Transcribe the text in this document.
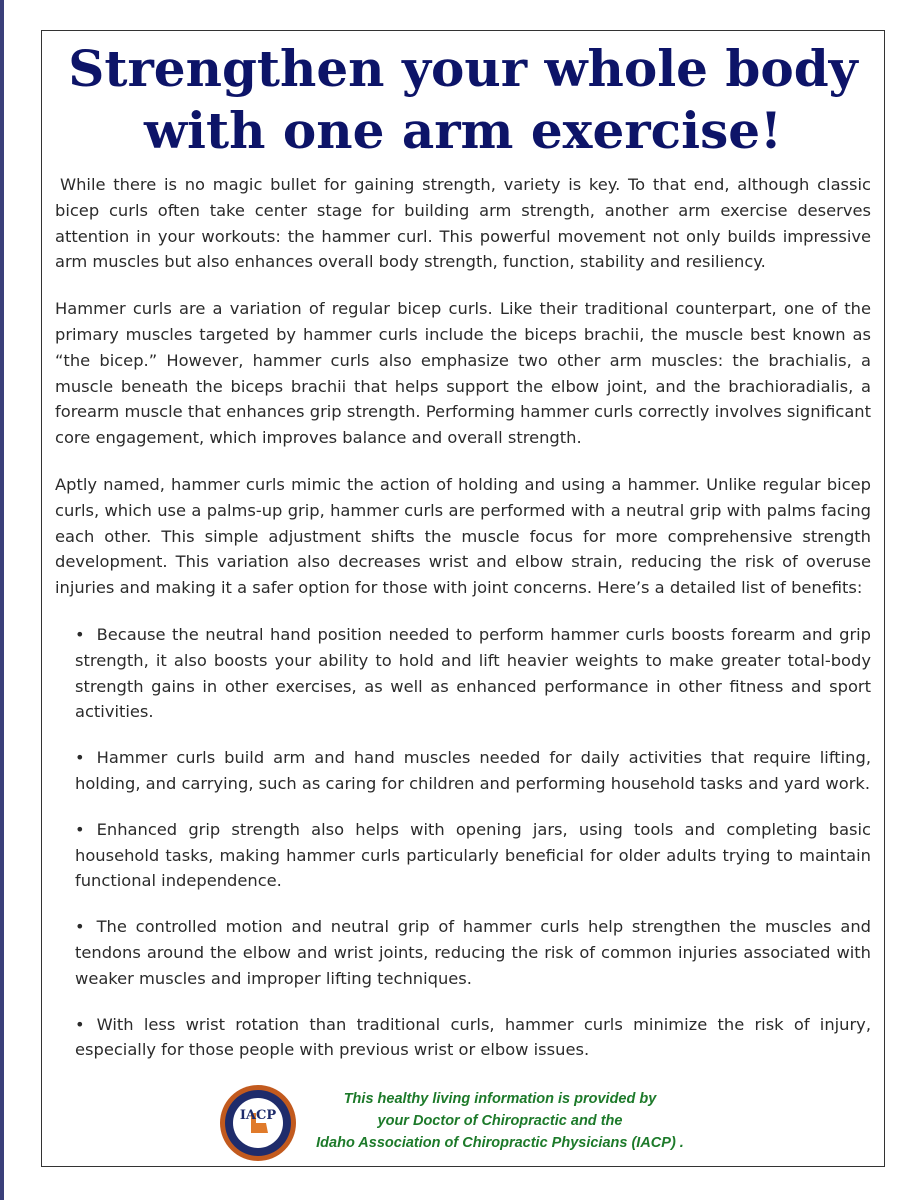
Strengthen your whole body
with one arm exercise!

While there is no magic bullet for gaining strength, variety is key. To that end, although classic bicep curls often take center stage for building arm strength, another arm exercise deserves attention in your workouts: the hammer curl. This powerful movement not only builds impressive arm muscles but also enhances overall body strength, function, stability and resiliency.

Hammer curls are a variation of regular bicep curls. Like their traditional counterpart, one of the primary muscles targeted by hammer curls include the biceps brachii, the muscle best known as “the bicep.” However, hammer curls also emphasize two other arm muscles: the brachialis, a muscle beneath the biceps brachii that helps support the elbow joint, and the brachioradialis, a forearm muscle that enhances grip strength. Performing hammer curls correctly involves significant core engagement, which improves balance and overall strength.

Aptly named, hammer curls mimic the action of holding and using a hammer. Unlike regular bicep curls, which use a palms-up grip, hammer curls are performed with a neutral grip with palms facing each other. This simple adjustment shifts the muscle focus for more comprehensive strength development. This variation also decreases wrist and elbow strain, reducing the risk of overuse injuries and making it a safer option for those with joint concerns. Here’s a detailed list of benefits:

• Because the neutral hand position needed to perform hammer curls boosts forearm and grip strength, it also boosts your ability to hold and lift heavier weights to make greater total-body strength gains in other exercises, as well as enhanced performance in other fitness and sport activities.
• Hammer curls build arm and hand muscles needed for daily activities that require lifting, holding, and carrying, such as caring for children and performing household tasks and yard work.
• Enhanced grip strength also helps with opening jars, using tools and completing basic household tasks, making hammer curls particularly beneficial for older adults trying to maintain functional independence.
• The controlled motion and neutral grip of hammer curls help strengthen the muscles and tendons around the elbow and wrist joints, reducing the risk of common injuries associated with weaker muscles and improper lifting techniques.
• With less wrist rotation than traditional curls, hammer curls minimize the risk of injury, especially for those people with previous wrist or elbow issues.
IACP
This healthy living information is provided by
your Doctor of Chiropractic and the
Idaho Association of Chiropractic Physicians (IACP) .
